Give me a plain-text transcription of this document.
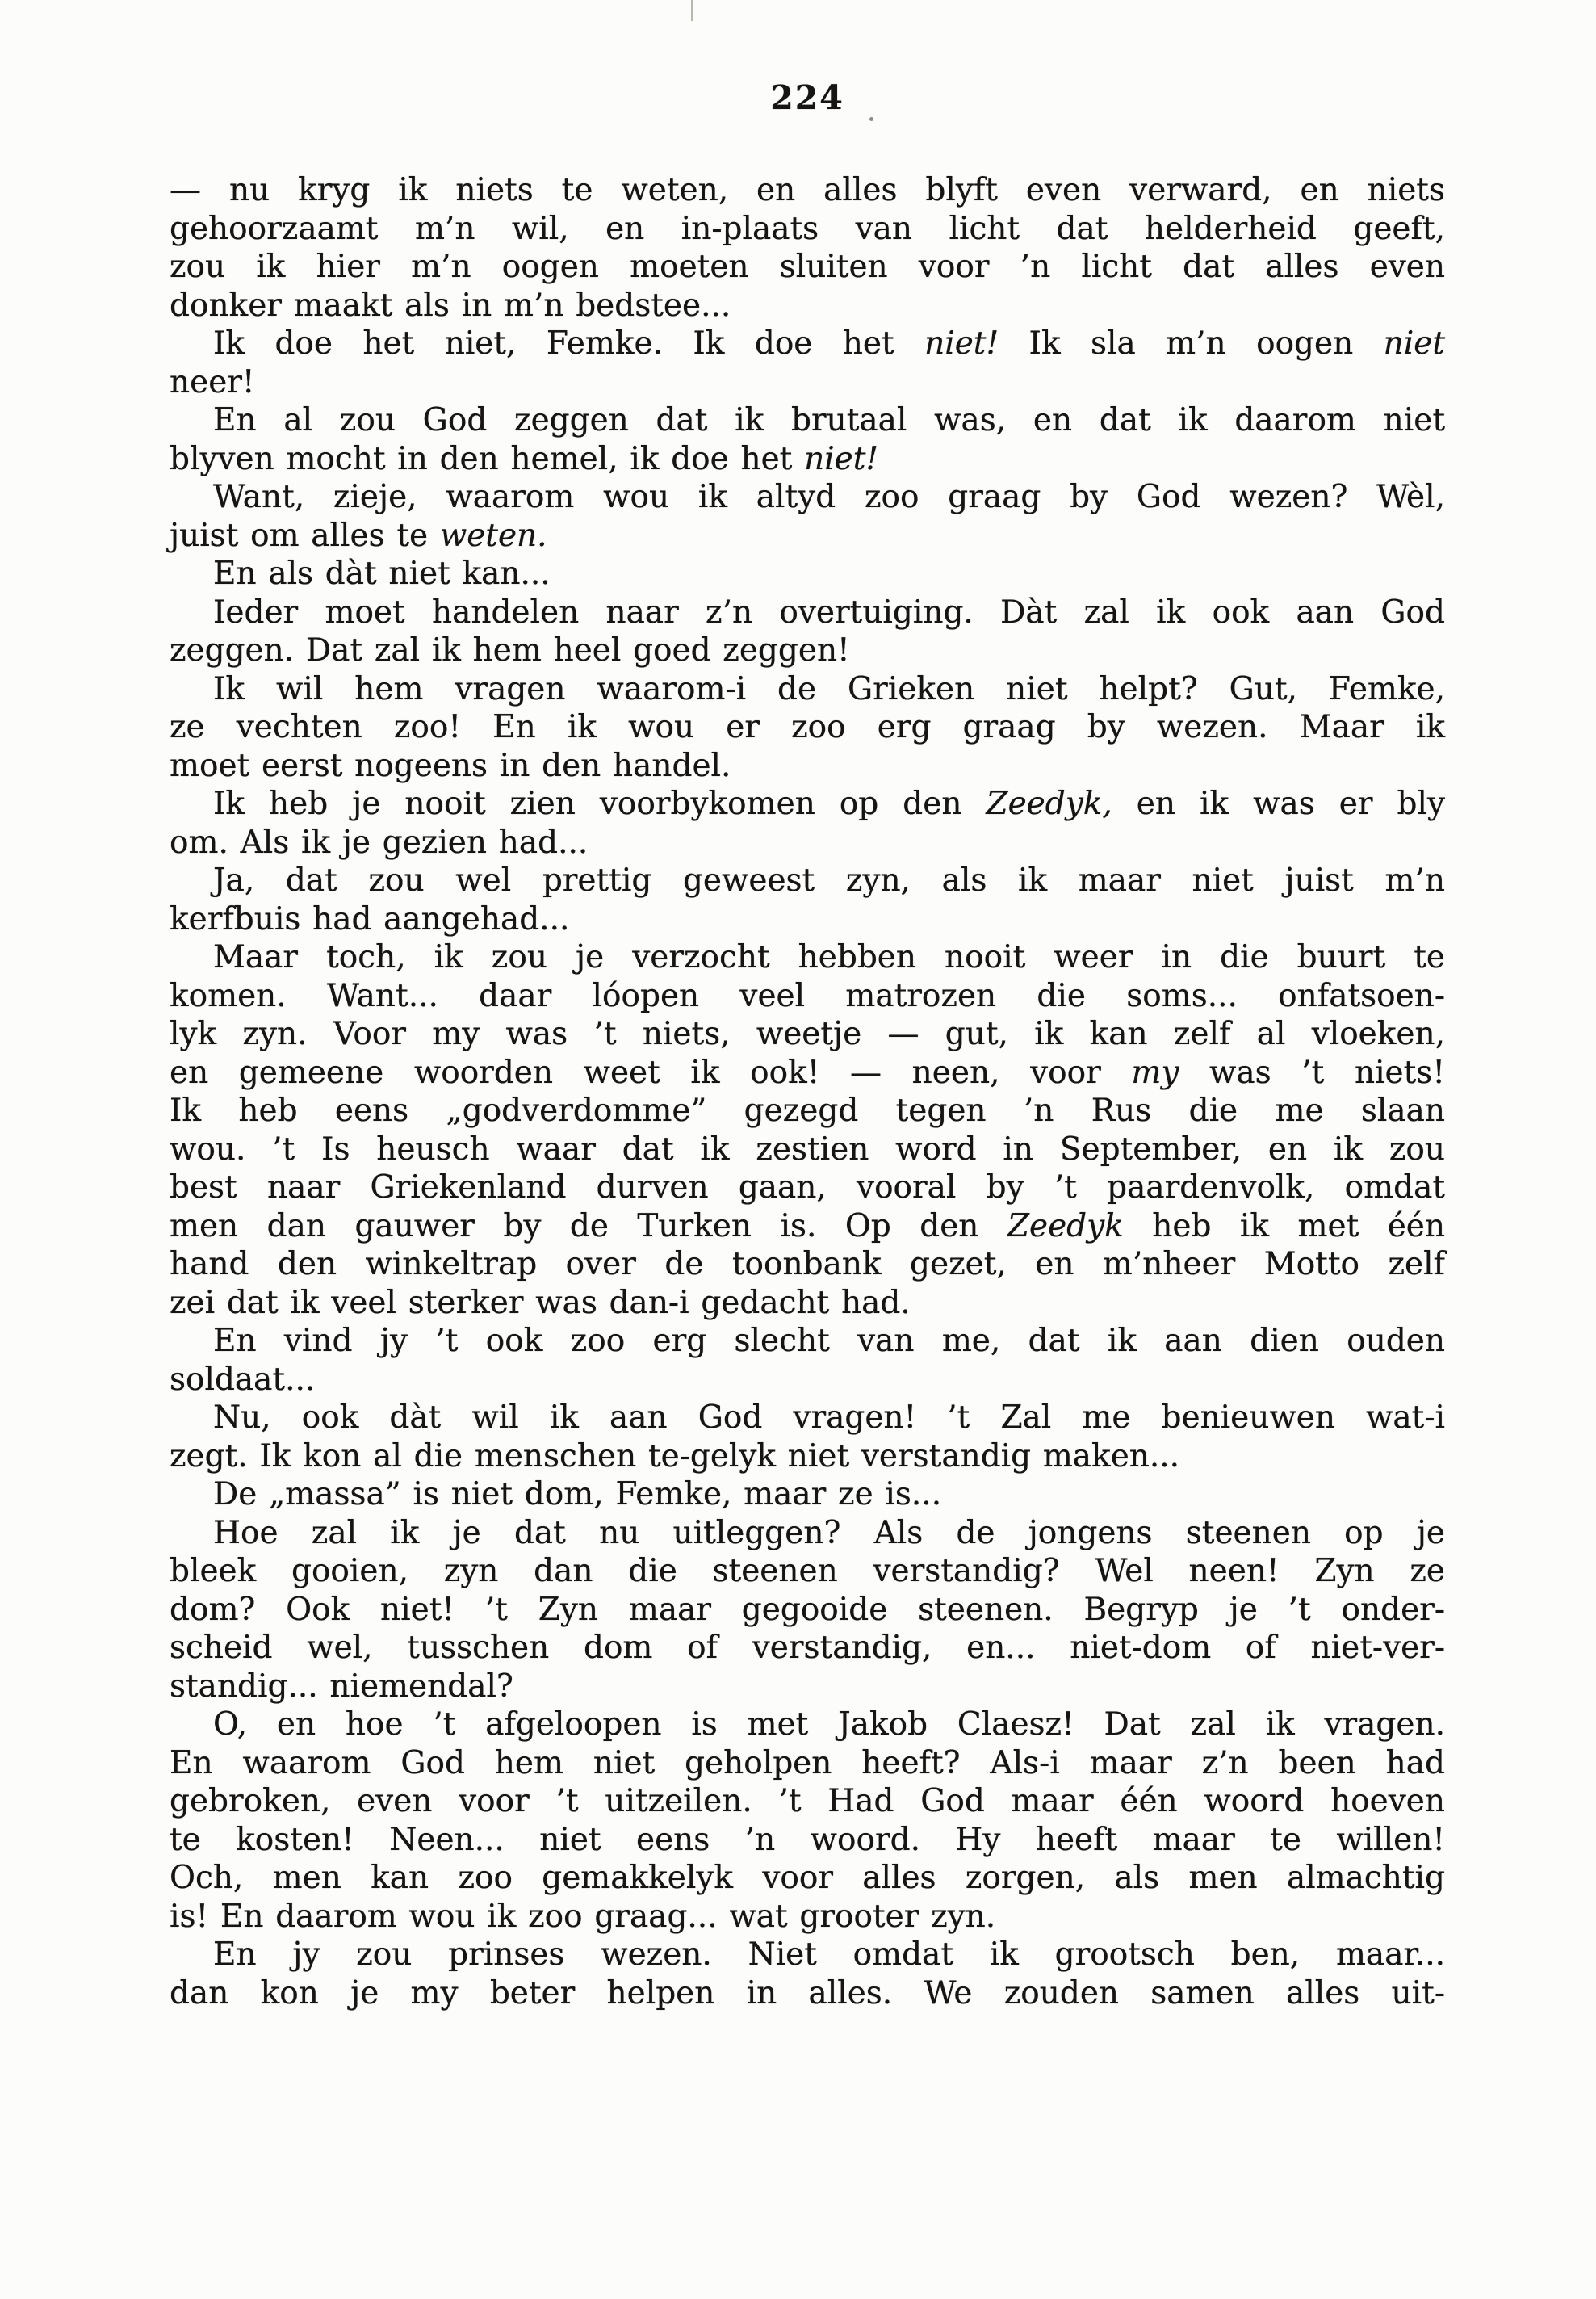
224
— nu kryg ik niets te weten, en alles blyft even verward, en niets
gehoorzaamt m’n wil, en in-plaats van licht dat helderheid geeft,
zou ik hier m’n oogen moeten sluiten voor ’n licht dat alles even
donker maakt als in m’n bedstee...
Ik doe het niet, Femke. Ik doe het niet! Ik sla m’n oogen niet
neer!
En al zou God zeggen dat ik brutaal was, en dat ik daarom niet
blyven mocht in den hemel, ik doe het niet!
Want, zieje, waarom wou ik altyd zoo graag by God wezen? Wèl,
juist om alles te weten.
En als dàt niet kan...
Ieder moet handelen naar z’n overtuiging. Dàt zal ik ook aan God
zeggen. Dat zal ik hem heel goed zeggen!
Ik wil hem vragen waarom-i de Grieken niet helpt? Gut, Femke,
ze vechten zoo! En ik wou er zoo erg graag by wezen. Maar ik
moet eerst nogeens in den handel.
Ik heb je nooit zien voorbykomen op den Zeedyk, en ik was er bly
om. Als ik je gezien had...
Ja, dat zou wel prettig geweest zyn, als ik maar niet juist m’n
kerfbuis had aangehad...
Maar toch, ik zou je verzocht hebben nooit weer in die buurt te
komen. Want... daar lóopen veel matrozen die soms... onfatsoen-
lyk zyn. Voor my was ’t niets, weetje — gut, ik kan zelf al vloeken,
en gemeene woorden weet ik ook! — neen, voor my was ’t niets!
Ik heb eens „godverdomme” gezegd tegen ’n Rus die me slaan
wou. ’t Is heusch waar dat ik zestien word in September, en ik zou
best naar Griekenland durven gaan, vooral by ’t paardenvolk, omdat
men dan gauwer by de Turken is. Op den Zeedyk heb ik met één
hand den winkeltrap over de toonbank gezet, en m’nheer Motto zelf
zei dat ik veel sterker was dan-i gedacht had.
En vind jy ’t ook zoo erg slecht van me, dat ik aan dien ouden
soldaat...
Nu, ook dàt wil ik aan God vragen! ’t Zal me benieuwen wat-i
zegt. Ik kon al die menschen te-gelyk niet verstandig maken...
De „massa” is niet dom, Femke, maar ze is...
Hoe zal ik je dat nu uitleggen? Als de jongens steenen op je
bleek gooien, zyn dan die steenen verstandig? Wel neen! Zyn ze
dom? Ook niet! ’t Zyn maar gegooide steenen. Begryp je ’t onder-
scheid wel, tusschen dom of verstandig, en... niet-dom of niet-ver-
standig... niemendal?
O, en hoe ’t afgeloopen is met Jakob Claesz! Dat zal ik vragen.
En waarom God hem niet geholpen heeft? Als-i maar z’n been had
gebroken, even voor ’t uitzeilen. ’t Had God maar één woord hoeven
te kosten! Neen... niet eens ’n woord. Hy heeft maar te willen!
Och, men kan zoo gemakkelyk voor alles zorgen, als men almachtig
is! En daarom wou ik zoo graag... wat grooter zyn.
En jy zou prinses wezen. Niet omdat ik grootsch ben, maar...
dan kon je my beter helpen in alles. We zouden samen alles uit-
